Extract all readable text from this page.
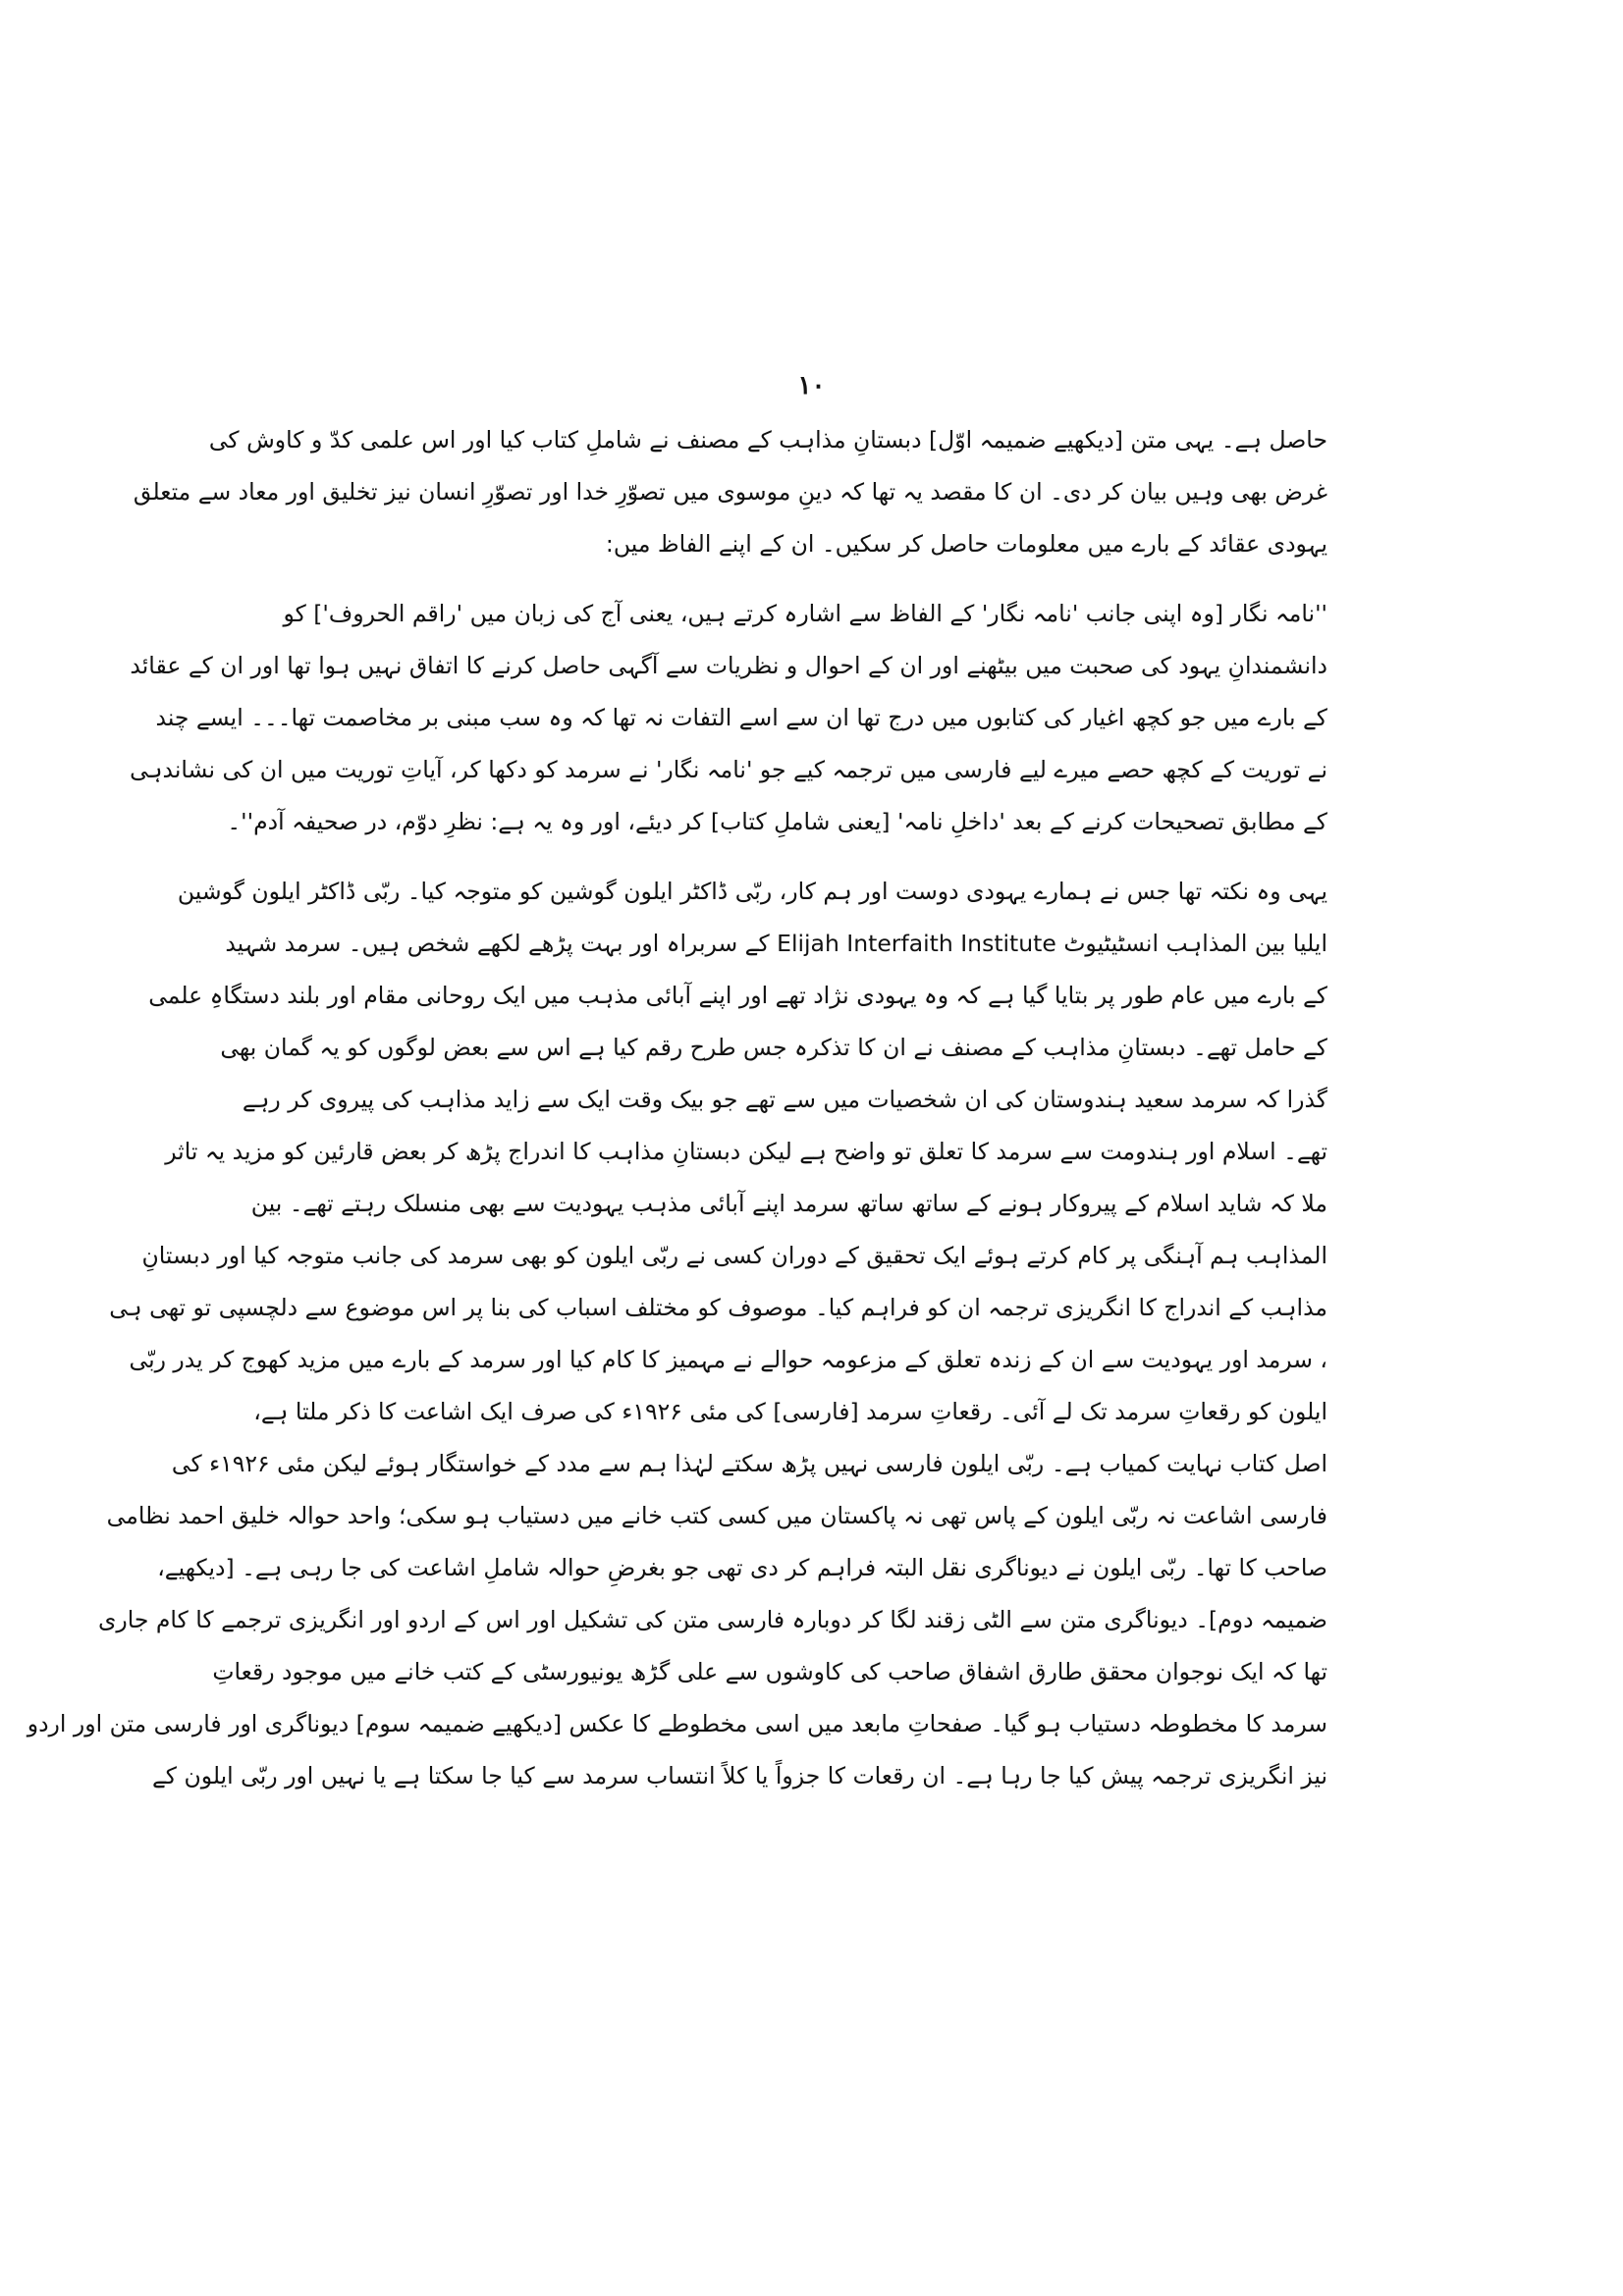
۱۰
حاصل ہے۔ یہی متن [دیکھیے ضمیمہ اوّل] دبستانِ مذاہب کے مصنف نے شاملِ کتاب کیا اور اس علمی کدّ و کاوش کی
غرض بھی وہیں بیان کر دی۔ ان کا مقصد یہ تھا کہ دینِ موسوی میں تصوّرِ خدا اور تصوّرِ انسان نیز تخلیق اور معاد سے متعلق
یہودی عقائد کے بارے میں معلومات حاصل کر سکیں۔ ان کے اپنے الفاظ میں:
''نامہ نگار [وہ اپنی جانب 'نامہ نگار' کے الفاظ سے اشارہ کرتے ہیں، یعنی آج کی زبان میں 'راقم الحروف'] کو
دانشمندانِ یہود کی صحبت میں بیٹھنے اور ان کے احوال و نظریات سے آگہی حاصل کرنے کا اتفاق نہیں ہوا تھا اور ان کے عقائد
کے بارے میں جو کچھ اغیار کی کتابوں میں درج تھا ان سے اسے التفات نہ تھا کہ وہ سب مبنی بر مخاصمت تھا۔۔۔ ایسے چند
نے توریت کے کچھ حصے میرے لیے فارسی میں ترجمہ کیے جو 'نامہ نگار' نے سرمد کو دکھا کر، آیاتِ توریت میں ان کی نشاندہی
کے مطابق تصحیحات کرنے کے بعد 'داخلِ نامہ' [یعنی شاملِ کتاب] کر دیئے، اور وہ یہ ہے: نظرِ دوّم، در صحیفہ آدم''۔
یہی وہ نکتہ تھا جس نے ہمارے یہودی دوست اور ہم کار، ربّی ڈاکٹر ایلون گوشین کو متوجہ کیا۔ ربّی ڈاکٹر ایلون گوشین
ایلیا بین المذاہب انسٹیٹیوٹ Elijah Interfaith Institute کے سربراہ اور بہت پڑھے لکھے شخص ہیں۔ سرمد شہید
کے بارے میں عام طور پر بتایا گیا ہے کہ وہ یہودی نژاد تھے اور اپنے آبائی مذہب میں ایک روحانی مقام اور بلند دستگاہِ علمی
کے حامل تھے۔ دبستانِ مذاہب کے مصنف نے ان کا تذکرہ جس طرح رقم کیا ہے اس سے بعض لوگوں کو یہ گمان بھی
گذرا کہ سرمد سعید ہندوستان کی ان شخصیات میں سے تھے جو بیک وقت ایک سے زاید مذاہب کی پیروی کر رہے
تھے۔ اسلام اور ہندومت سے سرمد کا تعلق تو واضح ہے لیکن دبستانِ مذاہب کا اندراج پڑھ کر بعض قارئین کو مزید یہ تاثر
ملا کہ شاید اسلام کے پیروکار ہونے کے ساتھ ساتھ سرمد اپنے آبائی مذہب یہودیت سے بھی منسلک رہتے تھے۔ بین
المذاہب ہم آہنگی پر کام کرتے ہوئے ایک تحقیق کے دوران کسی نے ربّی ایلون کو بھی سرمد کی جانب متوجہ کیا اور دبستانِ
مذاہب کے اندراج کا انگریزی ترجمہ ان کو فراہم کیا۔ موصوف کو مختلف اسباب کی بنا پر اس موضوع سے دلچسپی تو تھی ہی
، سرمد اور یہودیت سے ان کے زندہ تعلق کے مزعومہ حوالے نے مہمیز کا کام کیا اور سرمد کے بارے میں مزید کھوج کر یدر ربّی
ایلون کو رقعاتِ سرمد تک لے آئی۔ رقعاتِ سرمد [فارسی] کی مئی ۱۹۲۶ء کی صرف ایک اشاعت کا ذکر ملتا ہے،
اصل کتاب نہایت کمیاب ہے۔ ربّی ایلون فارسی نہیں پڑھ سکتے لہٰذا ہم سے مدد کے خواستگار ہوئے لیکن مئی ۱۹۲۶ء کی
فارسی اشاعت نہ ربّی ایلون کے پاس تھی نہ پاکستان میں کسی کتب خانے میں دستیاب ہو سکی؛ واحد حوالہ خلیق احمد نظامی
صاحب کا تھا۔ ربّی ایلون نے دیوناگری نقل البتہ فراہم کر دی تھی جو بغرضِ حوالہ شاملِ اشاعت کی جا رہی ہے۔ [دیکھیے،
ضمیمہ دوم]۔ دیوناگری متن سے الٹی زقند لگا کر دوبارہ فارسی متن کی تشکیل اور اس کے اردو اور انگریزی ترجمے کا کام جاری
تھا کہ ایک نوجوان محقق طارق اشفاق صاحب کی کاوشوں سے علی گڑھ یونیورسٹی کے کتب خانے میں موجود رقعاتِ
سرمد کا مخطوطہ دستیاب ہو گیا۔ صفحاتِ مابعد میں اسی مخطوطے کا عکس [دیکھیے ضمیمہ سوم] دیوناگری اور فارسی متن اور اردو
نیز انگریزی ترجمہ پیش کیا جا رہا ہے۔ ان رقعات کا جزواً یا کلاً انتساب سرمد سے کیا جا سکتا ہے یا نہیں اور ربّی ایلون کے
